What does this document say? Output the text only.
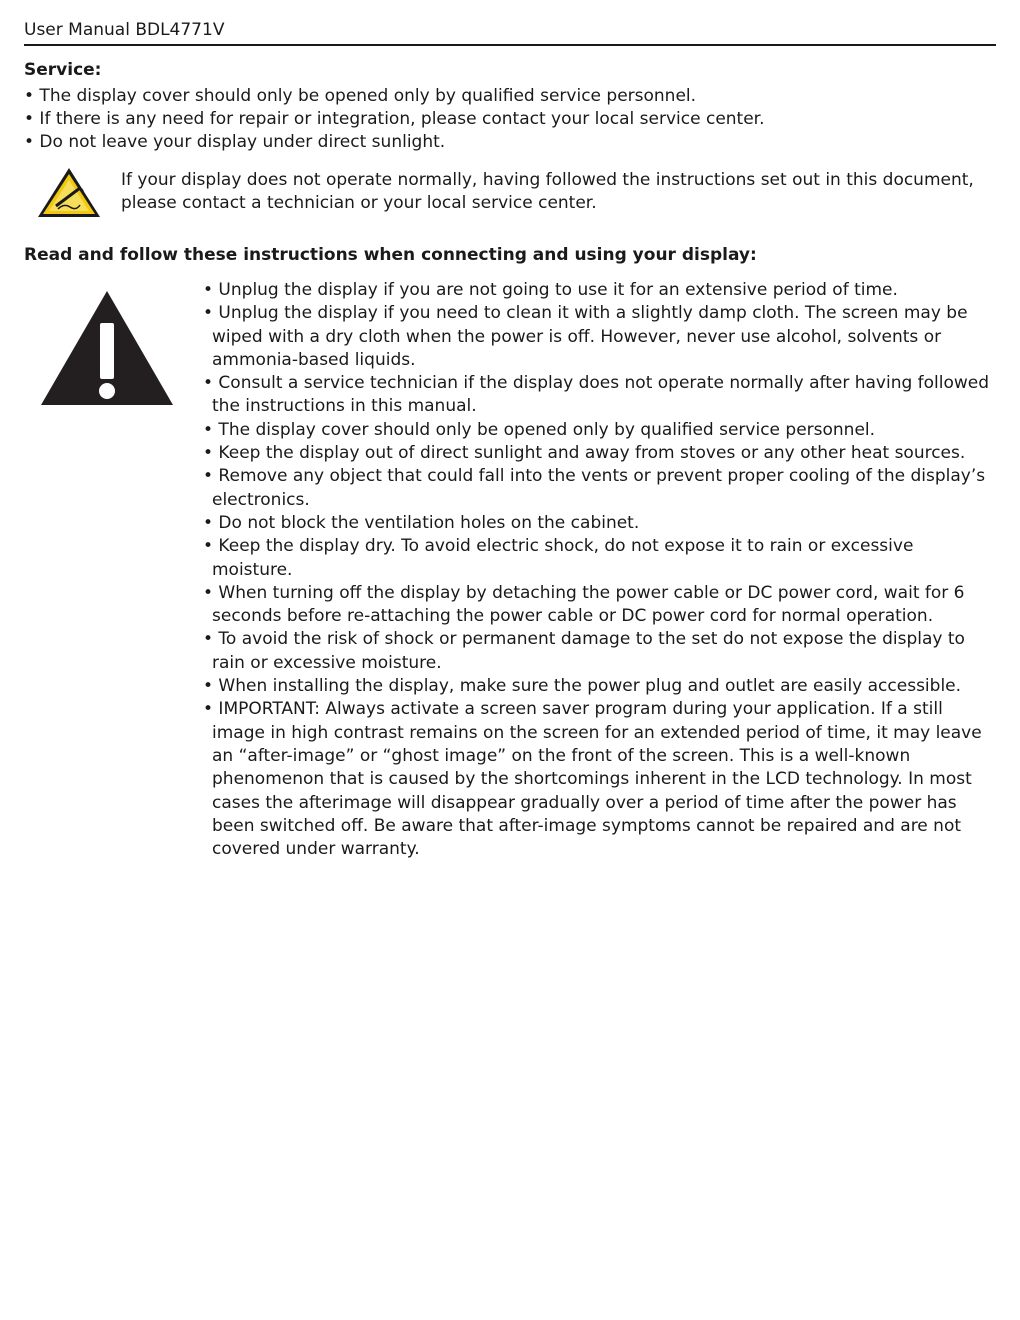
User Manual BDL4771V
Service:
• The display cover should only be opened only by qualified service personnel.
• If there is any need for repair or integration, please contact your local service center.
• Do not leave your display under direct sunlight.
If your display does not operate normally, having followed the instructions set out in this document, please contact a technician or your local service center.
Read and follow these instructions when connecting and using your display:
• Unplug the display if you are not going to use it for an extensive period of time.
• Unplug the display if you need to clean it with a slightly damp cloth. The screen may be wiped with a dry cloth when the power is off. However, never use alcohol, solvents or ammonia-based liquids.
• Consult a service technician if the display does not operate normally after having followed the instructions in this manual.
• The display cover should only be opened only by qualified service personnel.
• Keep the display out of direct sunlight and away from stoves or any other heat sources.
• Remove any object that could fall into the vents or prevent proper cooling of the display’s electronics.
• Do not block the ventilation holes on the cabinet.
• Keep the display dry. To avoid electric shock, do not expose it to rain or excessive moisture.
• When turning off the display by detaching the power cable or DC power cord, wait for 6 seconds before re-attaching the power cable or DC power cord for normal operation.
• To avoid the risk of shock or permanent damage to the set do not expose the display to rain or excessive moisture.
• When installing the display, make sure the power plug and outlet are easily accessible.
• IMPORTANT: Always activate a screen saver program during your application. If a still image in high contrast remains on the screen for an extended period of time, it may leave an “after-image” or “ghost image” on the front of the screen. This is a well-known phenomenon that is caused by the shortcomings inherent in the LCD technology. In most cases the afterimage will disappear gradually over a period of time after the power has been switched off. Be aware that after-image symptoms cannot be repaired and are not covered under warranty.
